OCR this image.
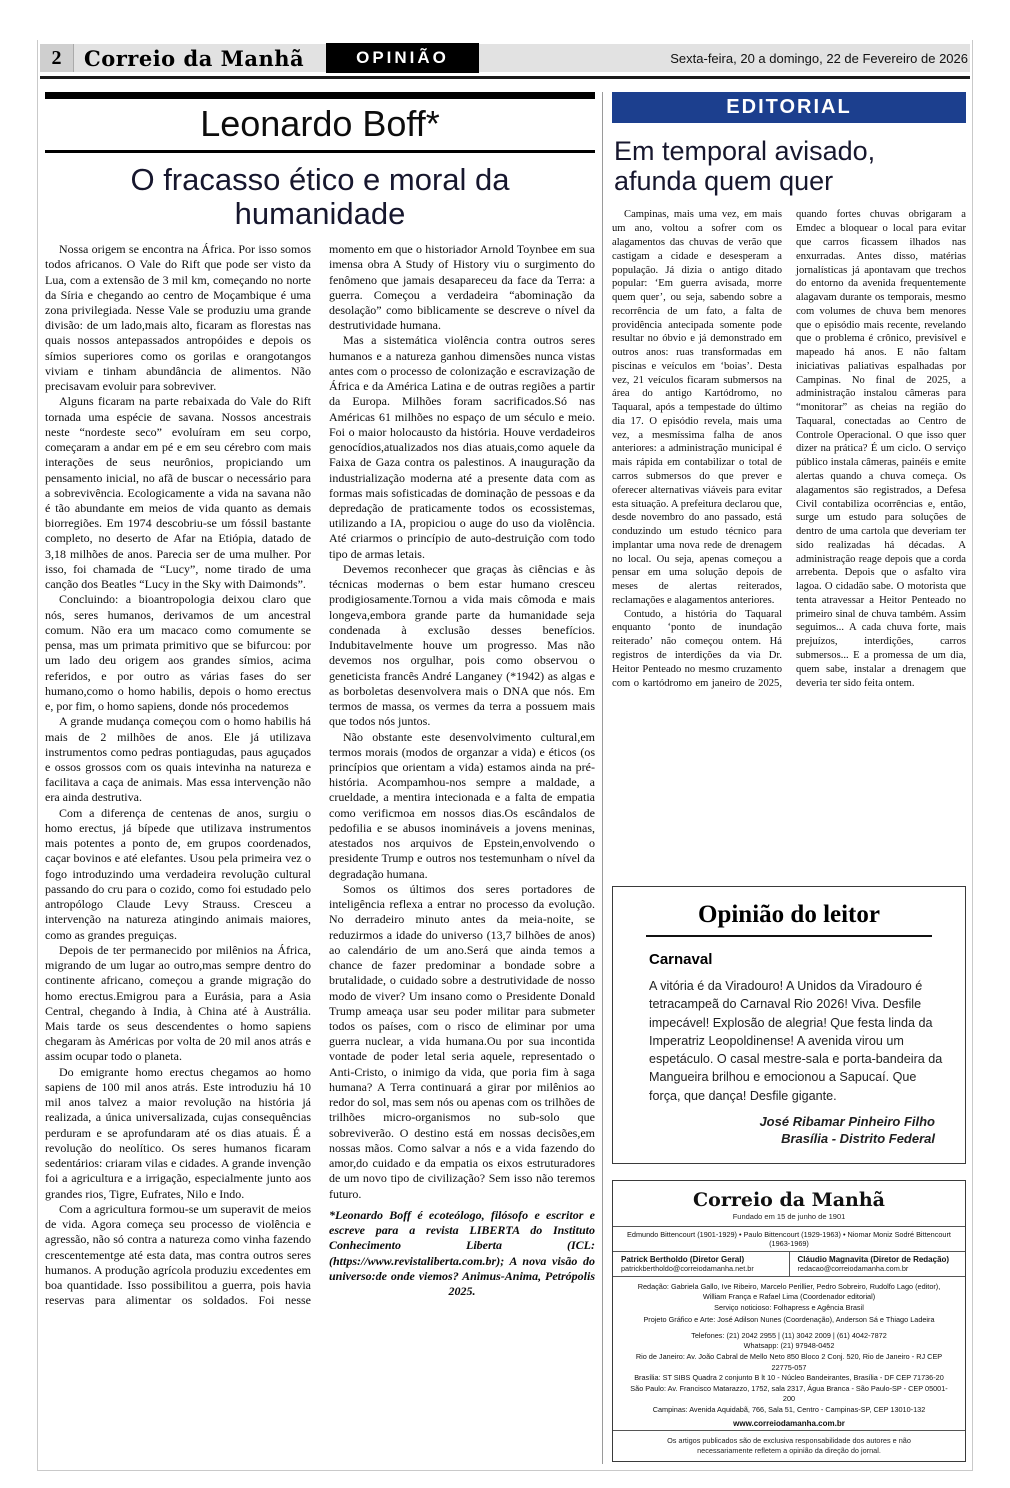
2	Correio da Manhã	OPINIÃO	Sexta-feira, 20 a domingo, 22 de Fevereiro de 2026
Leonardo Boff*
O fracasso ético e moral da humanidade

Nossa origem se encontra na África. Por isso somos todos africanos. O Vale do Rift que pode ser visto da Lua, com a extensão de 3 mil km, começando no norte da Síria e chegando ao centro de Moçambique é uma zona privilegiada. Nesse Vale se produziu uma grande divisão: de um lado,mais alto, ficaram as florestas nas quais nossos antepassados antropóides e depois os símios superiores como os gorilas e orangotangos viviam e tinham abundância de alimentos. Não precisavam evoluir para sobreviver.

Alguns ficaram na parte rebaixada do Vale do Rift tornada uma espécie de savana. Nossos ancestrais neste “nordeste seco” evoluíram em seu corpo, começaram a andar em pé e em seu cérebro com mais interações de seus neurônios, propiciando um pensamento inicial, no afã de buscar o necessário para a sobrevivência. Ecologicamente a vida na savana não é tão abundante em meios de vida quanto as demais biorregiões. Em 1974 descobriu-se um fóssil bastante completo, no deserto de Afar na Etiópia, datado de 3,18 milhões de anos. Parecia ser de uma mulher. Por isso, foi chamada de “Lucy”, nome tirado de uma canção dos Beatles “Lucy in the Sky with Daimonds”.

Concluindo: a bioantropologia deixou claro que nós, seres humanos, derivamos de um ancestral comum. Não era um macaco como comumente se pensa, mas um primata primitivo que se bifurcou: por um lado deu origem aos grandes símios, acima referidos, e por outro as várias fases do ser humano,como o homo habilis, depois o homo erectus e, por fim, o homo sapiens, donde nós procedemos

A grande mudança começou com o homo habilis há mais de 2 milhões de anos. Ele já utilizava instrumentos como pedras pontiagudas, paus aguçados e ossos grossos com os quais intevinha na natureza e facilitava a caça de animais. Mas essa intervenção não era ainda destrutiva.

Com a diferença de centenas de anos, surgiu o homo erectus, já bípede que utilizava instrumentos mais potentes a ponto de, em grupos coordenados, caçar bovinos e até elefantes. Usou pela primeira vez o fogo introduzindo uma verdadeira revolução cultural passando do cru para o cozido, como foi estudado pelo antropólogo Claude Levy Strauss. Cresceu a intervenção na natureza atingindo animais maiores, como as grandes preguiças.

Depois de ter permanecido por milênios na África, migrando de um lugar ao outro,mas sempre dentro do continente africano, começou a grande migração do homo erectus.Emigrou para a Eurásia, para a Asia Central, chegando à India, à China até à Austrália. Mais tarde os seus descendentes o homo sapiens chegaram às Américas por volta de 20 mil anos atrás e assim ocupar todo o planeta.

Do emigrante homo erectus chegamos ao homo sapiens de 100 mil anos atrás. Este introduziu há 10 mil anos talvez a maior revolução na história já realizada, a única universalizada, cujas consequências perduram e se aprofundaram até os dias atuais. É a revolução do neolítico. Os seres humanos ficaram sedentários: criaram vilas e cidades. A grande invenção foi a agricultura e a irrigação, especialmente junto aos grandes rios, Tigre, Eufrates, Nilo e Indo.

Com a agricultura formou-se um superavit de meios de vida. Agora começa seu processo de violência e agressão, não só contra a natureza como vinha fazendo crescentementge até esta data, mas contra outros seres humanos. A produção agrícola produziu excedentes em boa quantidade. Isso possibilitou a guerra, pois havia reservas para alimentar os soldados. Foi nesse momento em que o historiador Arnold Toynbee em sua imensa obra A Study of History viu o surgimento do fenômeno que jamais desapareceu da face da Terra: a guerra. Começou a verdadeira “abominação da desolação” como biblicamente se descreve o nível da destrutividade humana.

Mas a sistemática violência contra outros seres humanos e a natureza ganhou dimensões nunca vistas antes com o processo de colonização e escravização de África e da América Latina e de outras regiões a partir da Europa. Milhões foram sacrificados.Só nas Américas 61 milhões no espaço de um século e meio. Foi o maior holocausto da história. Houve verdadeiros genocídios,atualizados nos dias atuais,como aquele da Faixa de Gaza contra os palestinos. A inauguração da industrialização moderna até a presente data com as formas mais sofisticadas de dominação de pessoas e da depredação de praticamente todos os ecossistemas, utilizando a IA, propiciou o auge do uso da violência. Até criarmos o princípio de auto-destruição com todo tipo de armas letais.

Devemos reconhecer que graças às ciências e às técnicas modernas o bem estar humano cresceu prodigiosamente.Tornou a vida mais cômoda e mais longeva,embora grande parte da humanidade seja condenada à exclusão desses benefícios. Indubitavelmente houve um progresso. Mas não devemos nos orgulhar, pois como observou o geneticista francês André Langaney (*1942) as algas e as borboletas desenvolvera mais o DNA que nós. Em termos de massa, os vermes da terra a possuem mais que todos nós juntos.

Não obstante este desenvolvimento cultural,em termos morais (modos de organzar a vida) e éticos (os princípios que orientam a vida) estamos ainda na pré-história. Acompamhou-nos sempre a maldade, a crueldade, a mentira intecionada e a falta de empatia como verificmoa em nossos dias.Os escândalos de pedofilia e se abusos inomináveis a jovens meninas, atestados nos arquivos de Epstein,envolvendo o presidente Trump e outros nos testemunham o nível da degradação humana.

Somos os últimos dos seres portadores de inteligência reflexa a entrar no processo da evolução. No derradeiro minuto antes da meia-noite, se reduzirmos a idade do universo (13,7 bilhões de anos) ao calendário de um ano.Será que ainda temos a chance de fazer predominar a bondade sobre a brutalidade, o cuidado sobre a destrutividade de nosso modo de viver? Um insano como o Presidente Donald Trump ameaça usar seu poder militar para submeter todos os países, com o risco de eliminar por uma guerra nuclear, a vida humana.Ou por sua incontida vontade de poder letal seria aquele, representado o Anti-Cristo, o inimigo da vida, que poria fim à saga humana? A Terra continuará a girar por milênios ao redor do sol, mas sem nós ou apenas com os trilhões de trilhões micro-organismos no sub-solo que sobreviverão. O destino está em nossas decisões,em nossas mãos. Como salvar a nós e a vida fazendo do amor,do cuidado e da empatia os eixos estruturadores de um novo tipo de civilização? Sem isso não teremos futuro.

*Leonardo Boff é ecoteólogo, filósofo e escritor e escreve para a revista LIBERTA do Instituto Conhecimento Liberta (ICL: (https://www.revistaliberta.com.br); A nova visão do universo:de onde viemos? Animus-Anima, Petrópolis 2025.

EDITORIAL
Em temporal avisado, afunda quem quer

Campinas, mais uma vez, em mais um ano, voltou a sofrer com os alagamentos das chuvas de verão que castigam a cidade e desesperam a população. Já dizia o antigo ditado popular: ‘Em guerra avisada, morre quem quer’, ou seja, sabendo sobre a recorrência de um fato, a falta de providência antecipada somente pode resultar no óbvio e já demonstrado em outros anos: ruas transformadas em piscinas e veículos em ‘boias’. Desta vez, 21 veículos ficaram submersos na área do antigo Kartódromo, no Taquaral, após a tempestade do último dia 17. O episódio revela, mais uma vez, a mesmíssima falha de anos anteriores: a administração municipal é mais rápida em contabilizar o total de carros submersos do que prever e oferecer alternativas viáveis para evitar esta situação. A prefeitura declarou que, desde novembro do ano passado, está conduzindo um estudo técnico para implantar uma nova rede de drenagem no local. Ou seja, apenas começou a pensar em uma solução depois de meses de alertas reiterados, reclamações e alagamentos anteriores.

Contudo, a história do Taquaral enquanto ‘ponto de inundação reiterado’ não começou ontem. Há registros de interdições da via Dr. Heitor Penteado no mesmo cruzamento com o kartódromo em janeiro de 2025, quando fortes chuvas obrigaram a Emdec a bloquear o local para evitar que carros ficassem ilhados nas enxurradas. Antes disso, matérias jornalísticas já apontavam que trechos do entorno da avenida frequentemente alagavam durante os temporais, mesmo com volumes de chuva bem menores que o episódio mais recente, revelando que o problema é crônico, previsível e mapeado há anos. E não faltam iniciativas paliativas espalhadas por Campinas. No final de 2025, a administração instalou câmeras para “monitorar” as cheias na região do Taquaral, conectadas ao Centro de Controle Operacional. O que isso quer dizer na prática? É um ciclo. O serviço público instala câmeras, painéis e emite alertas quando a chuva começa. Os alagamentos são registrados, a Defesa Civil contabiliza ocorrências e, então, surge um estudo para soluções de dentro de uma cartola que deveriam ter sido realizadas há décadas. A administração reage depois que a corda arrebenta. Depois que o asfalto vira lagoa. O cidadão sabe. O motorista que tenta atravessar a Heitor Penteado no primeiro sinal de chuva também. Assim seguimos... A cada chuva forte, mais prejuízos, interdições, carros submersos... E a promessa de um dia, quem sabe, instalar a drenagem que deveria ter sido feita ontem.

Opinião do leitor
Carnaval

A vitória é da Viradouro! A Unidos da Viradouro é tetracampeã do Carnaval Rio 2026! Viva. Desfile impecável! Explosão de alegria! Que festa linda da Imperatriz Leopoldinense! A avenida virou um espetáculo. O casal mestre-sala e porta-bandeira da Mangueira brilhou e emocionou a Sapucaí. Que força, que dança! Desfile gigante.

José Ribamar Pinheiro Filho
Brasília - Distrito Federal
Correio da Manhã
Fundado em 15 de junho de 1901
Edmundo Bittencourt (1901-1929) • Paulo Bittencourt (1929-1963) • Niomar Moniz Sodré Bittencourt (1963-1969)
Patrick Bertholdo (Diretor Geral)
patrickbertholdo@correiodamanha.net.br
Cláudio Magnavita (Diretor de Redação)
redacao@correiodamanha.com.br
Redação: Gabriela Gallo, Ive Ribeiro, Marcelo Perillier, Pedro Sobreiro, Rudolfo Lago (editor), William França e Rafael Lima (Coordenador editorial)
Serviço noticioso: Folhapress e Agência Brasil
Projeto Gráfico e Arte: José Adilson Nunes (Coordenação), Anderson Sá e Thiago Ladeira
Telefones: (21) 2042 2955 | (11) 3042 2009 | (61) 4042-7872
Whatsapp: (21) 97948-0452
Rio de Janeiro: Av. João Cabral de Mello Neto 850 Bloco 2 Conj. 520, Rio de Janeiro - RJ CEP 22775-057
Brasília: ST SIBS Quadra 2 conjunto B lt 10 - Núcleo Bandeirantes, Brasília - DF CEP 71736-20
São Paulo: Av. Francisco Matarazzo, 1752, sala 2317, Água Branca - São Paulo-SP - CEP 05001-200
Campinas: Avenida Aquidabã, 766, Sala 51, Centro - Campinas-SP, CEP 13010-132
www.correiodamanha.com.br
Os artigos publicados são de exclusiva responsabilidade dos autores e não necessariamente refletem a opinião da direção do jornal.
